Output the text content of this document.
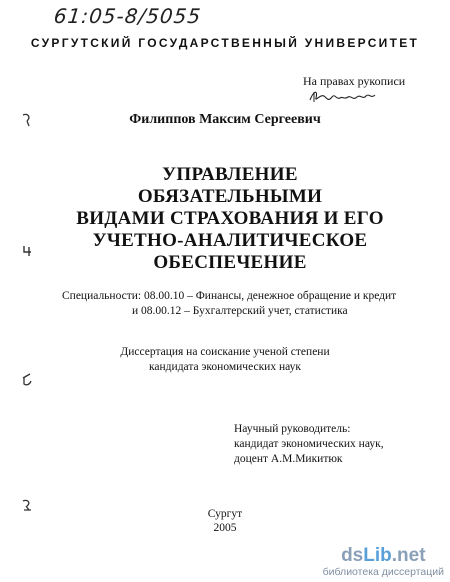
61:05-8/5055
СУРГУТСКИЙ ГОСУДАРСТВЕННЫЙ УНИВЕРСИТЕТ
На правах рукописи
Филиппов Максим Сергеевич
УПРАВЛЕНИЕ ОБЯЗАТЕЛЬНЫМИ
ВИДАМИ СТРАХОВАНИЯ И ЕГО
УЧЕТНО-АНАЛИТИЧЕСКОЕ
ОБЕСПЕЧЕНИЕ
Специальности: 08.00.10 – Финансы, денежное обращение и кредит
и 08.00.12 – Бухгалтерский учет, статистика
Диссертация на соискание ученой степени
кандидата экономических наук
Научный руководитель:
кандидат экономических наук,
доцент А.М.Микитюк
Сургут
2005
dsLib.net
библиотека диссертаций
